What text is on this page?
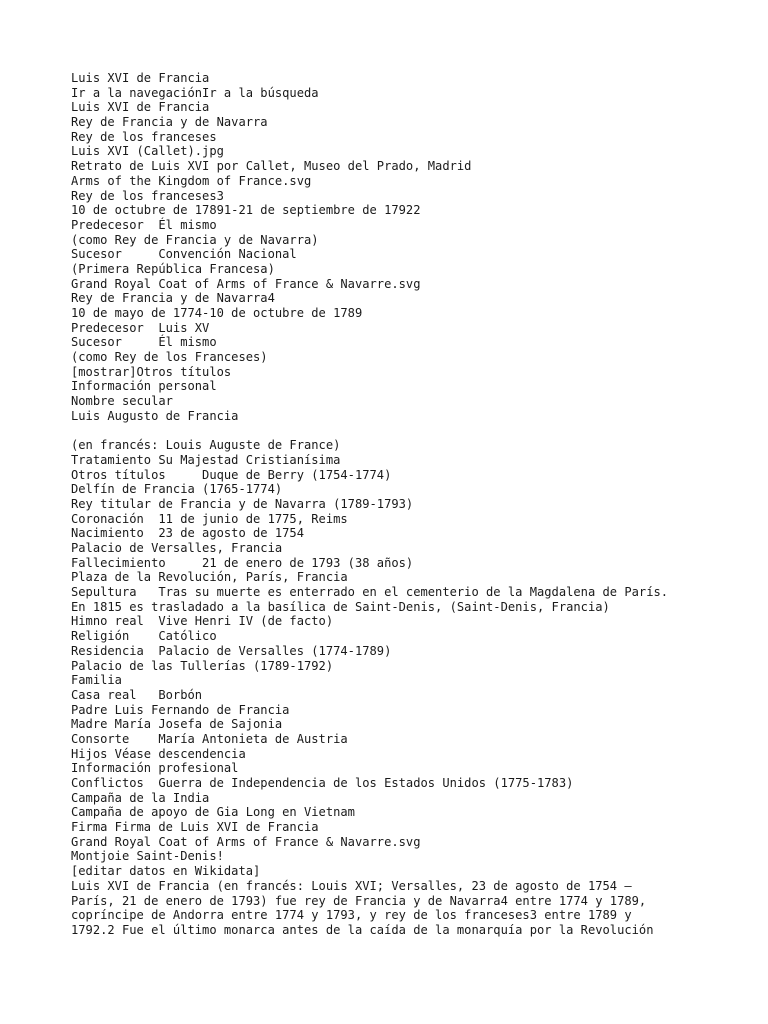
Luis XVI de Francia
Ir a la navegaciónIr a la búsqueda
Luis XVI de Francia
Rey de Francia y de Navarra
Rey de los franceses
Luis XVI (Callet).jpg
Retrato de Luis XVI por Callet, Museo del Prado, Madrid
Arms of the Kingdom of France.svg
Rey de los franceses3
10 de octubre de 17891-21 de septiembre de 17922
Predecesor  Él mismo
(como Rey de Francia y de Navarra)
Sucesor     Convención Nacional
(Primera República Francesa)
Grand Royal Coat of Arms of France & Navarre.svg
Rey de Francia y de Navarra4
10 de mayo de 1774-10 de octubre de 1789
Predecesor  Luis XV
Sucesor     Él mismo
(como Rey de los Franceses)
[mostrar]Otros títulos
Información personal
Nombre secular
Luis Augusto de Francia
(en francés: Louis Auguste de France)
Tratamiento Su Majestad Cristianísima
Otros títulos     Duque de Berry (1754-1774)
Delfín de Francia (1765-1774)
Rey titular de Francia y de Navarra (1789-1793)
Coronación  11 de junio de 1775, Reims
Nacimiento  23 de agosto de 1754
Palacio de Versalles, Francia
Fallecimiento     21 de enero de 1793 (38 años)
Plaza de la Revolución, París, Francia
Sepultura   Tras su muerte es enterrado en el cementerio de la Magdalena de París.
En 1815 es trasladado a la basílica de Saint-Denis, (Saint-Denis, Francia)
Himno real  Vive Henri IV (de facto)
Religión    Católico
Residencia  Palacio de Versalles (1774-1789)
Palacio de las Tullerías (1789-1792)
Familia
Casa real   Borbón
Padre Luis Fernando de Francia
Madre María Josefa de Sajonia
Consorte    María Antonieta de Austria
Hijos Véase descendencia
Información profesional
Conflictos  Guerra de Independencia de los Estados Unidos (1775-1783)
Campaña de la India
Campaña de apoyo de Gia Long en Vietnam
Firma Firma de Luis XVI de Francia
Grand Royal Coat of Arms of France & Navarre.svg
Montjoie Saint-Denis!
[editar datos en Wikidata]
Luis XVI de Francia (en francés: Louis XVI; Versalles, 23 de agosto de 1754 –
París, 21 de enero de 1793) fue rey de Francia y de Navarra4 entre 1774 y 1789,
copríncipe de Andorra entre 1774 y 1793, y rey de los franceses3 entre 1789 y
1792.2 Fue el último monarca antes de la caída de la monarquía por la Revolución
